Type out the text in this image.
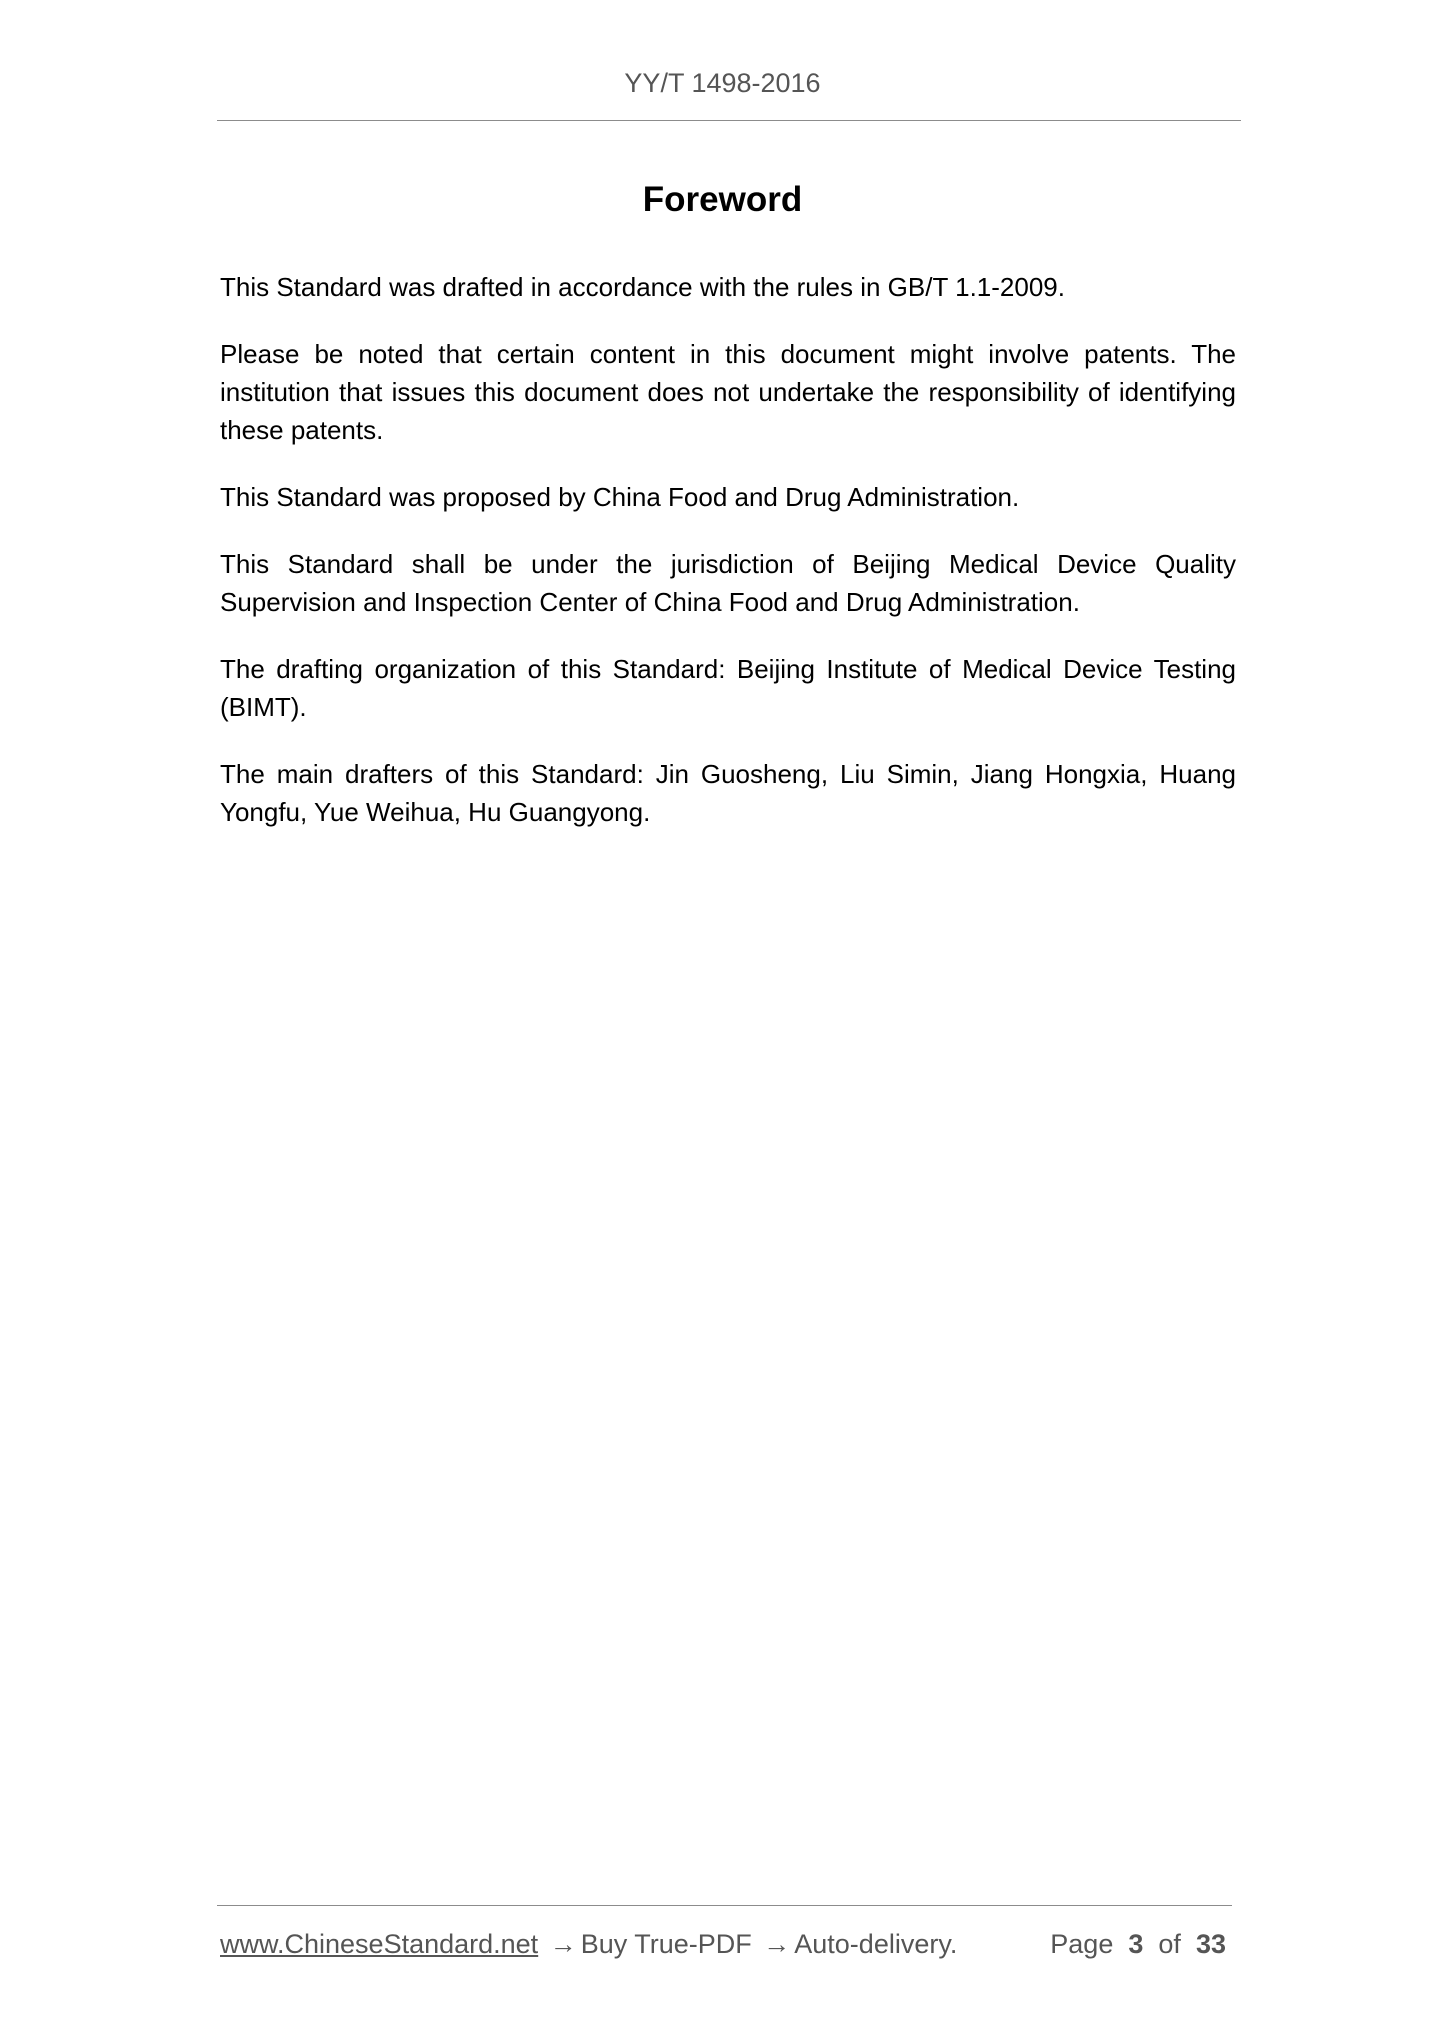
YY/T 1498-2016
Foreword

This Standard was drafted in accordance with the rules in GB/T 1.1-2009.

Please be noted that certain content in this document might involve patents. The institution that issues this document does not undertake the responsibility of identifying these patents.

This Standard was proposed by China Food and Drug Administration.

This Standard shall be under the jurisdiction of Beijing Medical Device Quality Supervision and Inspection Center of China Food and Drug Administration.

The drafting organization of this Standard: Beijing Institute of Medical Device Testing (BIMT).

The main drafters of this Standard: Jin Guosheng, Liu Simin, Jiang Hongxia, Huang Yongfu, Yue Weihua, Hu Guangyong.

www.ChineseStandard.net → Buy True-PDF → Auto-delivery.	Page 3 of 33
